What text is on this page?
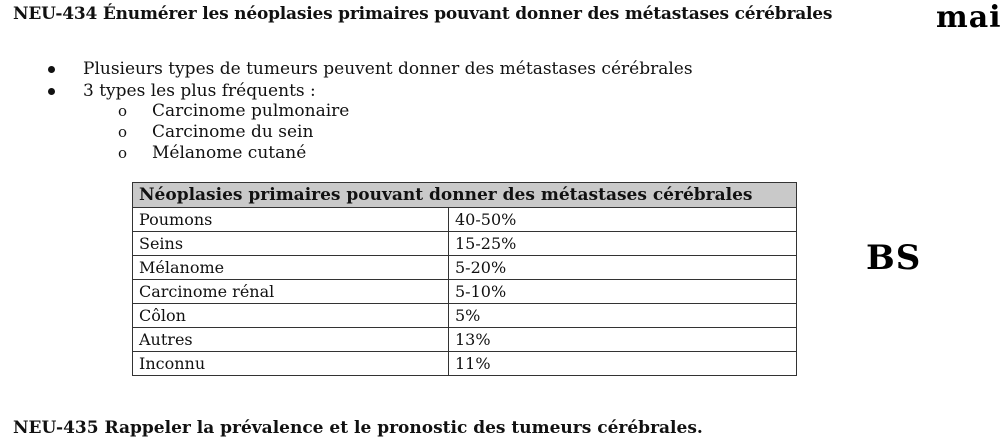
NEU-434 Énumérer les néoplasies primaires pouvant donner des métastases cérébrales	mai
BS
Plusieurs types de tumeurs peuvent donner des métastases cérébrales
3 types les plus fréquents :
o Carcinome pulmonaire
o Carcinome du sein
o Mélanome cutané
Néoplasies primaires pouvant donner des métastases cérébrales	
Poumons	40-50%
Seins	15-25%
Mélanome	5-20%
Carcinome rénal	5-10%
Côlon	5%
Autres	13%
Inconnu	11%
NEU-435 Rappeler la prévalence et le pronostic des tumeurs cérébrales.
